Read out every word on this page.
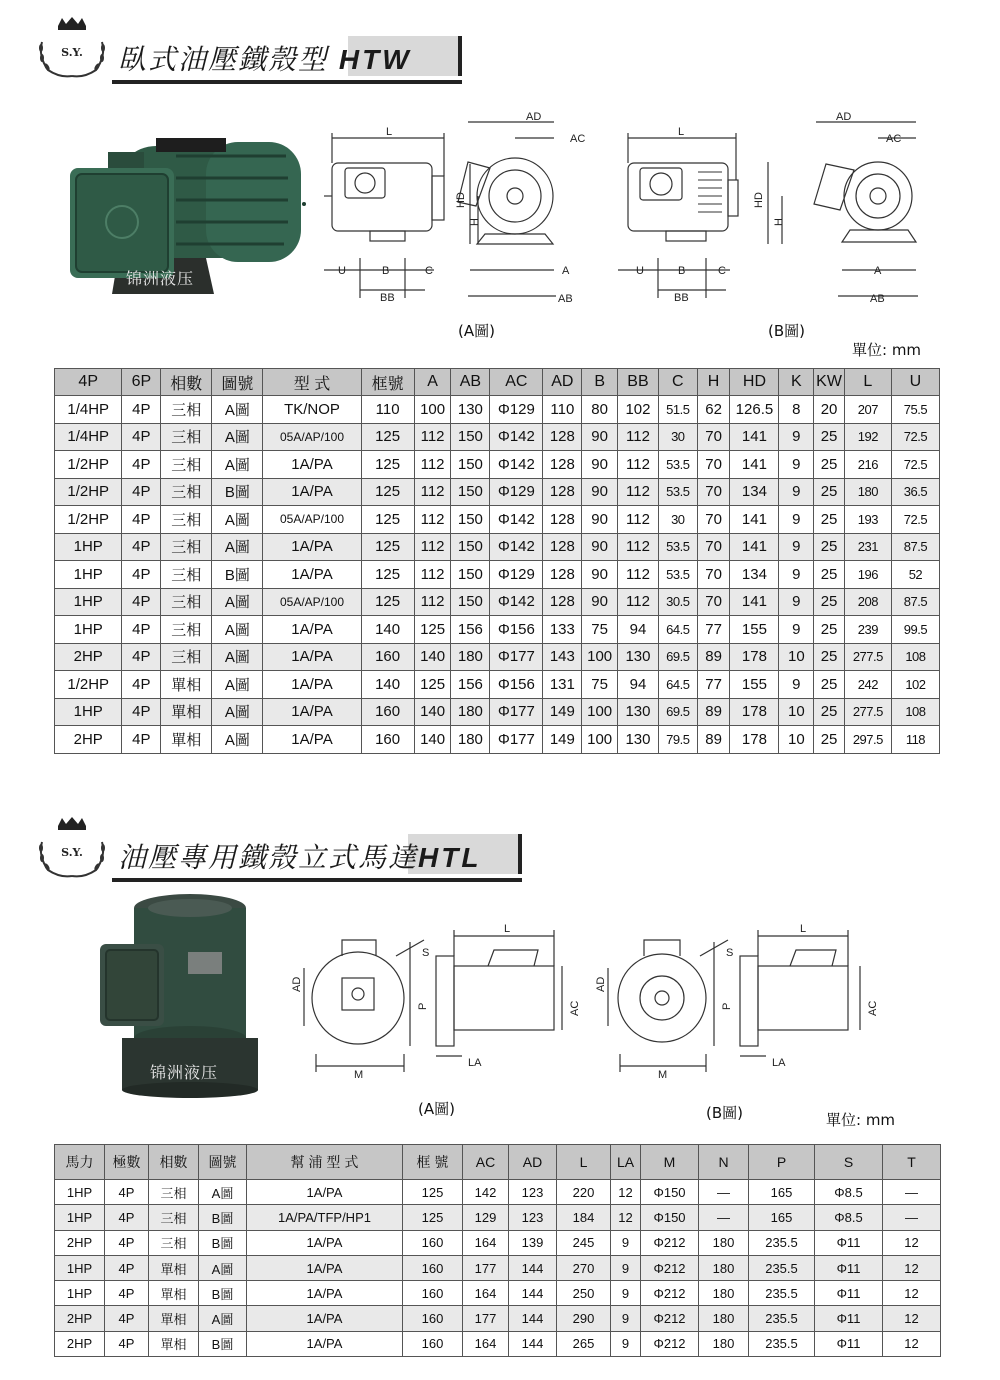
S.Y.	臥式油壓鐵殼型 HTW
锦洲液压
L
U	B	C
BB
HD
H
AD
AC
A
AB
(A圖)
L
U	B	C
BB
HD
H
AD
AC
A
AB
(B圖)
單位: mm
4P	6P	相數	圖號	型 式	框號	A	AB	AC	AD	B	BB	C	H	HD	K	KW	L	U
1/4HP	4P	三相	A圖	TK/NOP	110	100	130	Φ129	110	80	102	51.5	62	126.5	8	20	207	75.5
1/4HP	4P	三相	A圖	05A/AP/100	125	112	150	Φ142	128	90	112	30	70	141	9	25	192	72.5
1/2HP	4P	三相	A圖	1A/PA	125	112	150	Φ142	128	90	112	53.5	70	141	9	25	216	72.5
1/2HP	4P	三相	B圖	1A/PA	125	112	150	Φ129	128	90	112	53.5	70	134	9	25	180	36.5
1/2HP	4P	三相	A圖	05A/AP/100	125	112	150	Φ142	128	90	112	30	70	141	9	25	193	72.5
1HP	4P	三相	A圖	1A/PA	125	112	150	Φ142	128	90	112	53.5	70	141	9	25	231	87.5
1HP	4P	三相	B圖	1A/PA	125	112	150	Φ129	128	90	112	53.5	70	134	9	25	196	52
1HP	4P	三相	A圖	05A/AP/100	125	112	150	Φ142	128	90	112	30.5	70	141	9	25	208	87.5
1HP	4P	三相	A圖	1A/PA	140	125	156	Φ156	133	75	94	64.5	77	155	9	25	239	99.5
2HP	4P	三相	A圖	1A/PA	160	140	180	Φ177	143	100	130	69.5	89	178	10	25	277.5	108
1/2HP	4P	單相	A圖	1A/PA	140	125	156	Φ156	131	75	94	64.5	77	155	9	25	242	102
1HP	4P	單相	A圖	1A/PA	160	140	180	Φ177	149	100	130	69.5	89	178	10	25	277.5	108
2HP	4P	單相	A圖	1A/PA	160	140	180	Φ177	149	100	130	79.5	89	178	10	25	297.5	118
S.Y.	油壓專用鐵殼立式馬達HTL
锦洲液压
L
S
AD
P	AC
M
LA
(A圖)
L
S
AD
P	AC
M
LA
(B圖)	單位: mm
馬力	極數	相數	圖號	幫 浦 型 式	框 號	AC	AD	L	LA	M	N	P	S	T
1HP	4P	三相	A圖	1A/PA	125	142	123	220	12	Φ150	—	165	Φ8.5	—
1HP	4P	三相	B圖	1A/PA/TFP/HP1	125	129	123	184	12	Φ150	—	165	Φ8.5	—
2HP	4P	三相	B圖	1A/PA	160	164	139	245	9	Φ212	180	235.5	Φ11	12
1HP	4P	單相	A圖	1A/PA	160	177	144	270	9	Φ212	180	235.5	Φ11	12
1HP	4P	單相	B圖	1A/PA	160	164	144	250	9	Φ212	180	235.5	Φ11	12
2HP	4P	單相	A圖	1A/PA	160	177	144	290	9	Φ212	180	235.5	Φ11	12
2HP	4P	單相	B圖	1A/PA	160	164	144	265	9	Φ212	180	235.5	Φ11	12
